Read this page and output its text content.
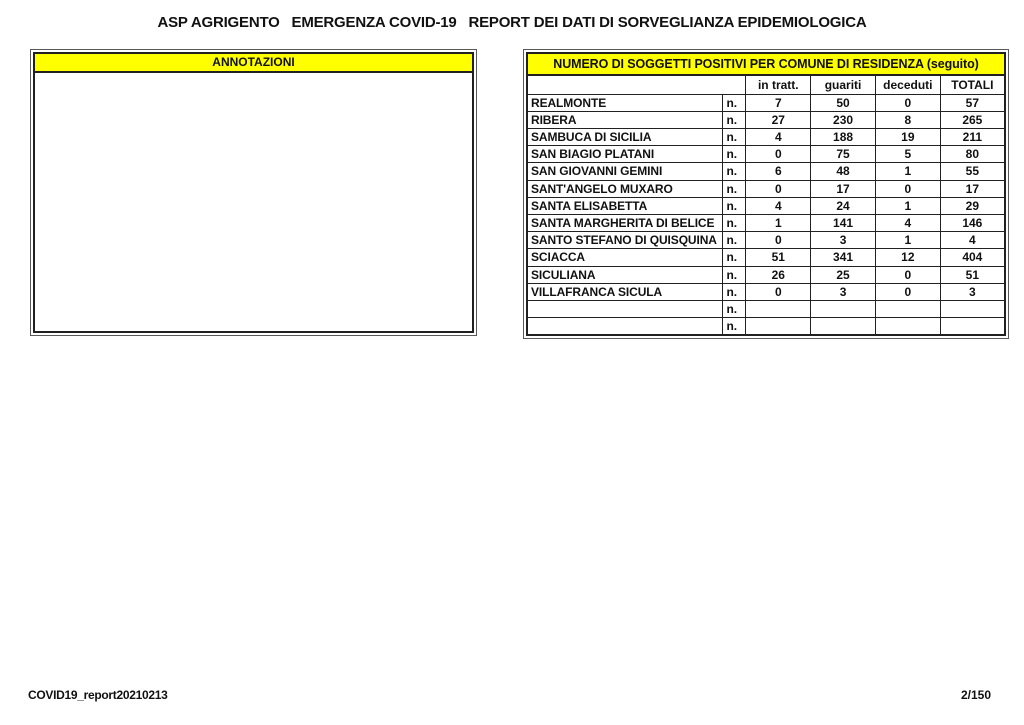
ASP AGRIGENTO   EMERGENZA COVID-19   REPORT DEI DATI DI SORVEGLIANZA EPIDEMIOLOGICA
ANNOTAZIONI	NUMERO DI SOGGETTI POSITIVI PER COMUNE DI RESIDENZA (seguito)					
		in tratt.	guariti	deceduti	TOTALI
REALMONTE	n.	7	50	0	57
RIBERA	n.	27	230	8	265
SAMBUCA DI SICILIA	n.	4	188	19	211
SAN BIAGIO PLATANI	n.	0	75	5	80
SAN GIOVANNI GEMINI	n.	6	48	1	55
SANT'ANGELO MUXARO	n.	0	17	0	17
SANTA ELISABETTA	n.	4	24	1	29
SANTA MARGHERITA DI BELICE	n.	1	141	4	146
SANTO STEFANO DI QUISQUINA	n.	0	3	1	4
SCIACCA	n.	51	341	12	404
SICULIANA	n.	26	25	0	51
VILLAFRANCA SICULA	n.	0	3	0	3
	n.				
	n.				
COVID19_report20210213	2/150
